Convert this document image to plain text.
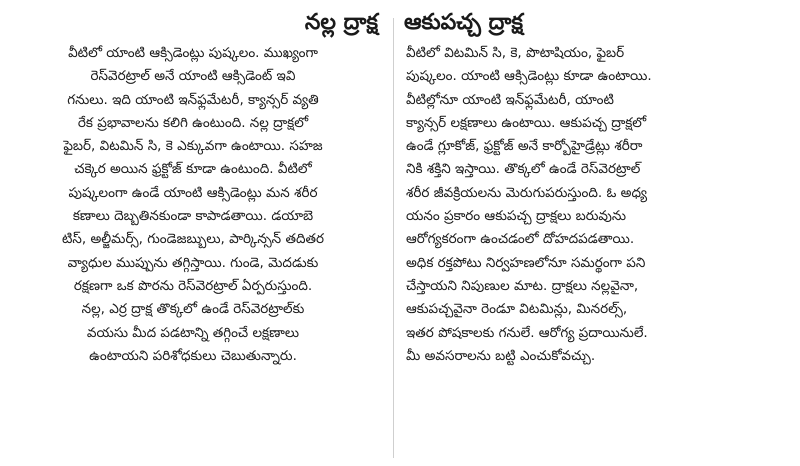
నల్ల ద్రాక్ష
వీటిలో యాంటి ఆక్సిడెంట్లు పుష్కలం. ముఖ్యంగా
రెస్‌వెరట్రాల్ అనే యాంటి ఆక్సిడెంట్ ఇవి
గనులు. ఇది యాంటి ఇన్‌ఫ్లమేటరీ, క్యాన్సర్ వ్యతి
రేక ప్రభావాలను కలిగి ఉంటుంది. నల్ల ద్రాక్షలో
ఫైబర్, విటమిన్ సి, కె ఎక్కువగా ఉంటాయి. సహజ
చక్కెర అయిన ఫ్రక్టోజ్ కూడా ఉంటుంది. వీటిలో
పుష్కలంగా ఉండే యాంటి ఆక్సిడెంట్లు మన శరీర
కణాలు దెబ్బతినకుండా కాపాడతాయి. డయాబె
టిస్, అల్జీమర్స్, గుండెజబ్బులు, పార్కిన్సన్ తదితర
వ్యాధుల ముప్పును తగ్గిస్తాయి. గుండె, మెదడుకు
రక్షణగా ఒక పొరను రెస్‌వెరట్రాల్ ఏర్పరుస్తుంది.
నల్ల, ఎర్ర ద్రాక్ష తొక్కలో ఉండే రెస్‌వెరట్రాల్‌కు
వయసు మీద పడటాన్ని తగ్గించే లక్షణాలు
ఉంటాయని పరిశోధకులు చెబుతున్నారు.
ఆకుపచ్చ ద్రాక్ష
వీటిలో విటమిన్ సి, కె, పొటాషియం, ఫైబర్
పుష్కలం. యాంటి ఆక్సిడెంట్లు కూడా ఉంటాయి.
వీటిల్లోనూ యాంటి ఇన్‌ఫ్లమేటరీ, యాంటి
క్యాన్సర్ లక్షణాలు ఉంటాయి. ఆకుపచ్చ ద్రాక్షలో
ఉండే గ్లూకోజ్, ఫ్రక్టోజ్ అనే కార్బోహైడ్రేట్లు శరీరా
నికి శక్తిని ఇస్తాయి. తొక్కలో ఉండే రెస్‌వెరట్రాల్
శరీర జీవక్రియలను మెరుగుపరుస్తుంది. ఓ అధ్య
యనం ప్రకారం ఆకుపచ్చ ద్రాక్షలు బరువును
ఆరోగ్యకరంగా ఉంచడంలో దోహదపడతాయి.
అధిక రక్తపోటు నిర్వహణలోనూ సమర్థంగా పని
చేస్తాయని నిపుణుల మాట. ద్రాక్షలు నల్లవైనా,
ఆకుపచ్చవైనా రెండూ విటమిన్లు, మినరల్స్,
ఇతర పోషకాలకు గనులే. ఆరోగ్య ప్రదాయినులే.
మీ అవసరాలను బట్టి ఎంచుకోవచ్చు.
